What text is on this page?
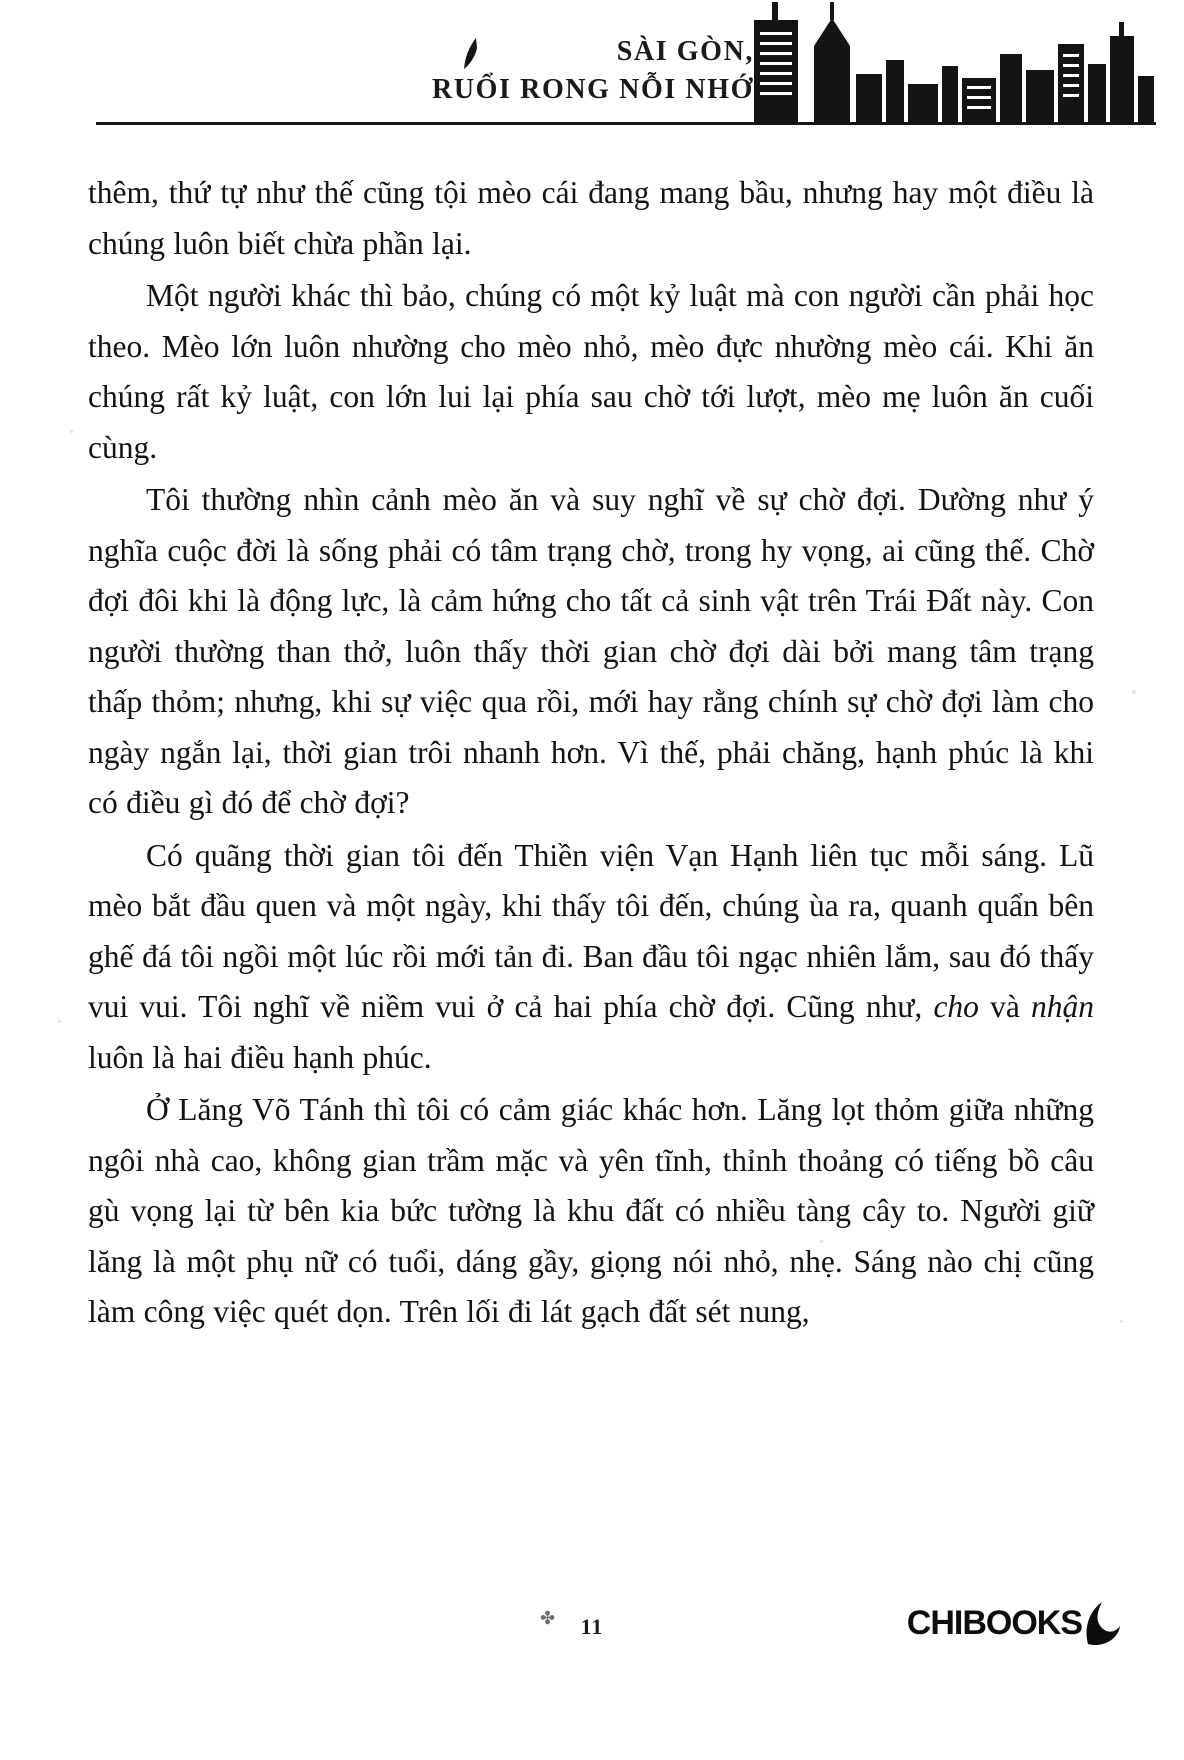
SÀI GÒN,
RUỔI RONG NỖI NHỚ

thêm, thứ tự như thế cũng tội mèo cái đang mang bầu, nhưng hay một điều là chúng luôn biết chừa phần lại.

Một người khác thì bảo, chúng có một kỷ luật mà con người cần phải học theo. Mèo lớn luôn nhường cho mèo nhỏ, mèo đực nhường mèo cái. Khi ăn chúng rất kỷ luật, con lớn lui lại phía sau chờ tới lượt, mèo mẹ luôn ăn cuối cùng.

Tôi thường nhìn cảnh mèo ăn và suy nghĩ về sự chờ đợi. Dường như ý nghĩa cuộc đời là sống phải có tâm trạng chờ, trong hy vọng, ai cũng thế. Chờ đợi đôi khi là động lực, là cảm hứng cho tất cả sinh vật trên Trái Đất này. Con người thường than thở, luôn thấy thời gian chờ đợi dài bởi mang tâm trạng thấp thỏm; nhưng, khi sự việc qua rồi, mới hay rằng chính sự chờ đợi làm cho ngày ngắn lại, thời gian trôi nhanh hơn. Vì thế, phải chăng, hạnh phúc là khi có điều gì đó để chờ đợi?

Có quãng thời gian tôi đến Thiền viện Vạn Hạnh liên tục mỗi sáng. Lũ mèo bắt đầu quen và một ngày, khi thấy tôi đến, chúng ùa ra, quanh quẩn bên ghế đá tôi ngồi một lúc rồi mới tản đi. Ban đầu tôi ngạc nhiên lắm, sau đó thấy vui vui. Tôi nghĩ về niềm vui ở cả hai phía chờ đợi. Cũng như, cho và nhận luôn là hai điều hạnh phúc.

Ở Lăng Võ Tánh thì tôi có cảm giác khác hơn. Lăng lọt thỏm giữa những ngôi nhà cao, không gian trầm mặc và yên tĩnh, thỉnh thoảng có tiếng bồ câu gù vọng lại từ bên kia bức tường là khu đất có nhiều tàng cây to. Người giữ lăng là một phụ nữ có tuổi, dáng gầy, giọng nói nhỏ, nhẹ. Sáng nào chị cũng làm công việc quét dọn. Trên lối đi lát gạch đất sét nung,

✤	11	CHIBOOKS
